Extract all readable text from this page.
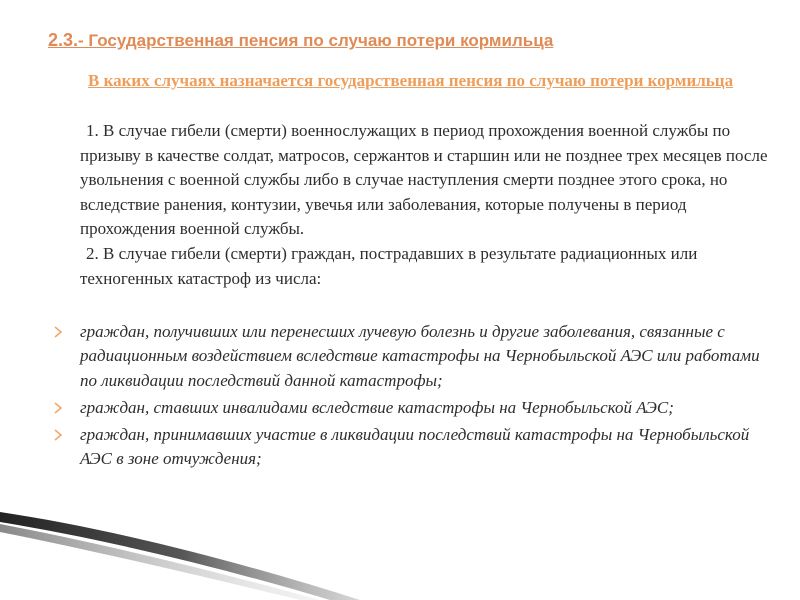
2.3.- Государственная пенсия по случаю потери кормильца
В каких случаях назначается государственная пенсия по случаю потери кормильца

1. В случае гибели (смерти) военнослужащих в период прохождения военной службы по призыву в качестве солдат, матросов, сержантов и старшин или не позднее трех месяцев после увольнения с военной службы либо в случае наступления смерти позднее этого срока, но вследствие ранения, контузии, увечья или заболевания, которые получены в период прохождения военной службы.

2. В случае гибели (смерти) граждан, пострадавших в результате радиационных или техногенных катастроф из числа:

граждан, получивших или перенесших лучевую болезнь и другие заболевания, связанные с радиационным воздействием вследствие катастрофы на Чернобыльской АЭС или работами по ликвидации последствий данной катастрофы;
граждан, ставших инвалидами вследствие катастрофы на Чернобыльской АЭС;
граждан, принимавших участие в ликвидации последствий катастрофы на Чернобыльской АЭС в зоне отчуждения;
